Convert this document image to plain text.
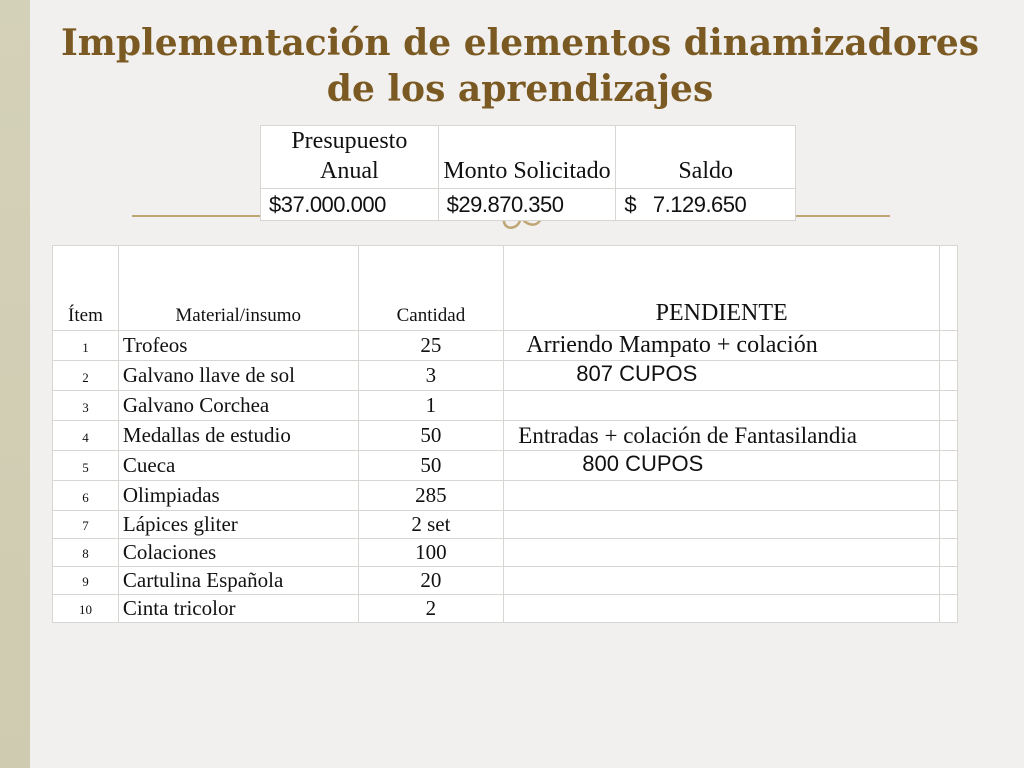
Implementación de elementos dinamizadores de los aprendizajes
Presupuesto Anual	Monto Solicitado	Saldo
$37.000.000	$29.870.350	$   7.129.650
Ítem	Material/insumo	Cantidad	PENDIENTE	
1	Trofeos	25	Arriendo Mampato + colación	
2	Galvano llave de sol	3	807 CUPOS	
3	Galvano Corchea	1		
4	Medallas de estudio	50	Entradas + colación de Fantasilandia	
5	Cueca	50	800 CUPOS	
6	Olimpiadas	285		
7	Lápices gliter	2 set		
8	Colaciones	100		
9	Cartulina Española	20		
10	Cinta tricolor	2		
